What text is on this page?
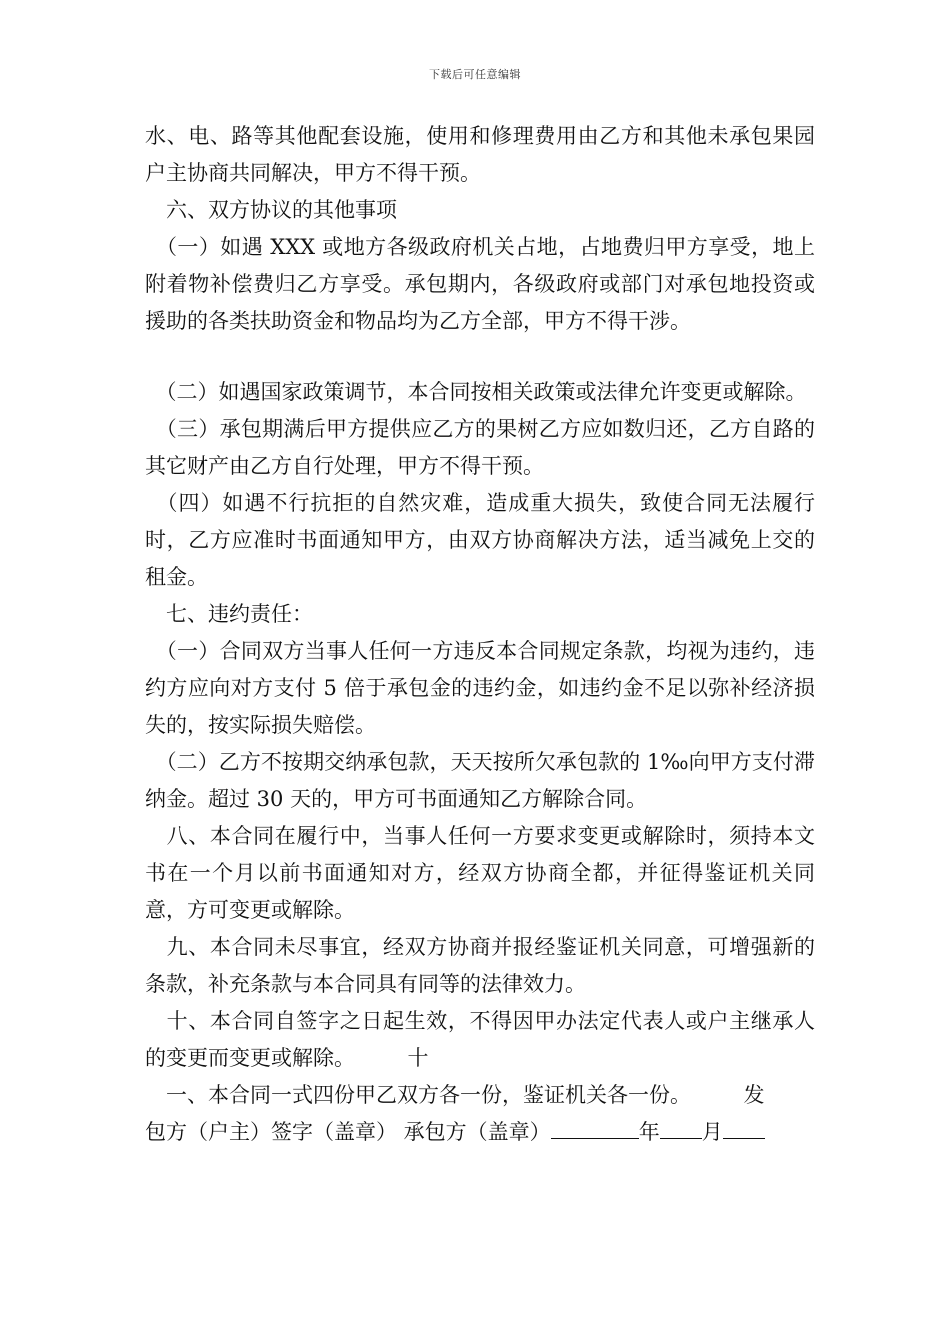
下载后可任意编辑

水、电、路等其他配套设施，使用和修理费用由乙方和其他未承包果园户主协商共同解决，甲方不得干预。

　六、双方协议的其他事项

　（一）如遇 XXX 或地方各级政府机关占地，占地费归甲方享受，地上附着物补偿费归乙方享受。承包期内，各级政府或部门对承包地投资或援助的各类扶助资金和物品均为乙方全部，甲方不得干涉。

　（二）如遇国家政策调节，本合同按相关政策或法律允许变更或解除。

　（三）承包期满后甲方提供应乙方的果树乙方应如数归还，乙方自路的其它财产由乙方自行处理，甲方不得干预。

　（四）如遇不行抗拒的自然灾难，造成重大损失，致使合同无法履行时，乙方应准时书面通知甲方，由双方协商解决方法，适当减免上交的租金。

　七、违约责任：

　（一）合同双方当事人任何一方违反本合同规定条款，均视为违约，违约方应向对方支付 5 倍于承包金的违约金，如违约金不足以弥补经济损失的，按实际损失赔偿。

　（二）乙方不按期交纳承包款，天天按所欠承包款的 1‰向甲方支付滞纳金。超过 30 天的，甲方可书面通知乙方解除合同。

　八、本合同在履行中，当事人任何一方要求变更或解除时，须持本文书在一个月以前书面通知对方，经双方协商全都，并征得鉴证机关同意，方可变更或解除。

　九、本合同未尽事宜，经双方协商并报经鉴证机关同意，可增强新的条款，补充条款与本合同具有同等的法律效力。

　十、本合同自签字之日起生效，不得因甲办法定代表人或户主继承人的变更而变更或解除。　　　十

　一、本合同一式四份甲乙双方各一份，鉴证机关各一份。　　　发

包方（户主）签字（盖章） 承包方（盖章）	年 月
